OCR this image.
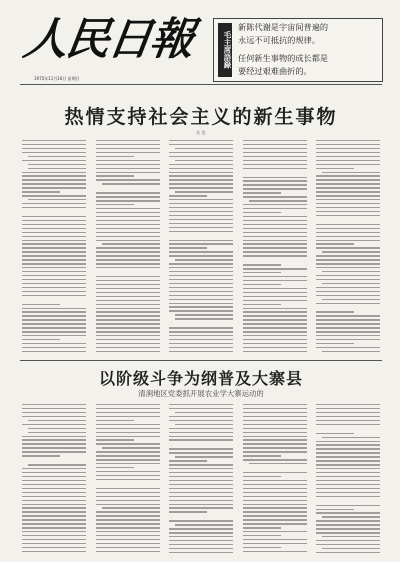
人民日報
1975年11月16日 星期日
毛主席語錄
新陈代谢是宇宙间普遍的
永远不可抵抗的规律。
任何新生事物的成长都是
要经过艰难曲折的。
热情支持社会主义的新生事物
社 论
以阶级斗争为纲普及大寨县
清涧地区党委抓开展农业学大寨运动的
